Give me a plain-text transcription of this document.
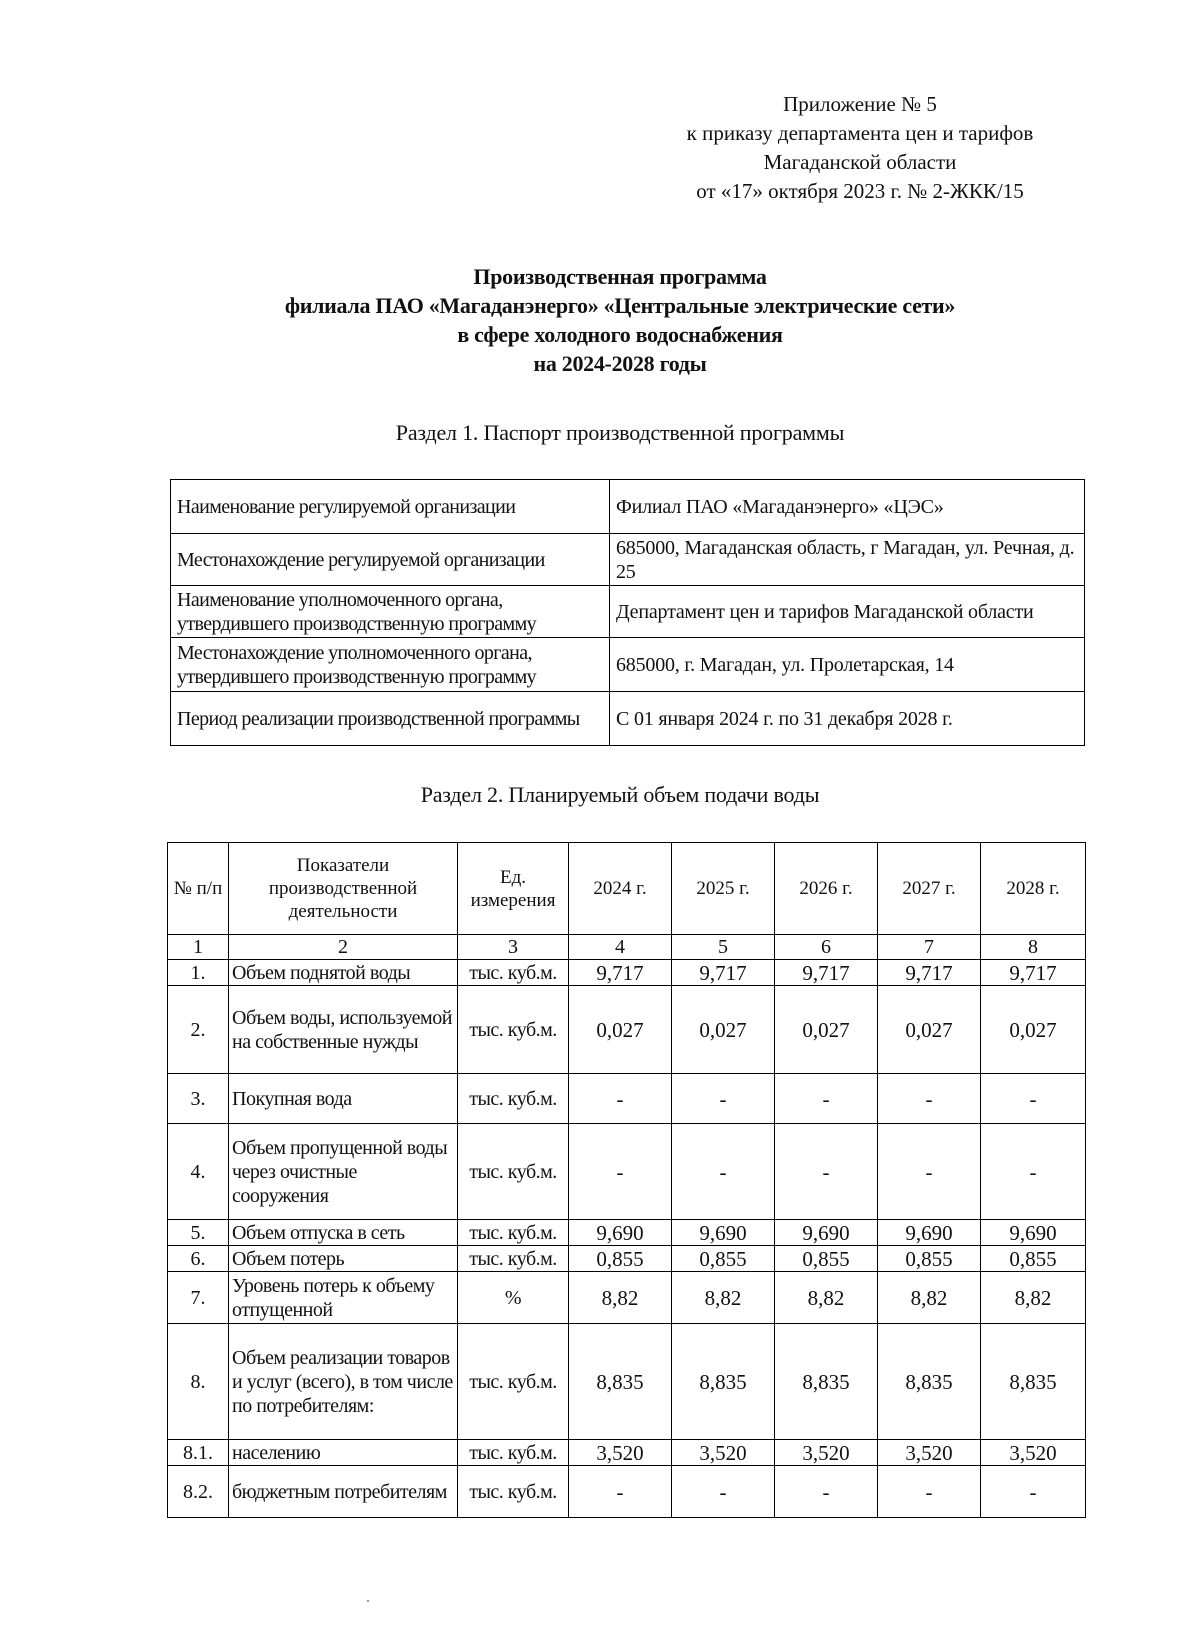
Приложение № 5
к приказу департамента цен и тарифов
Магаданской области
от «17» октября 2023 г. № 2-ЖКК/15
Производственная программа
филиала ПАО «Магаданэнерго» «Центральные электрические сети»
в сфере холодного водоснабжения
на 2024-2028 годы
Раздел 1. Паспорт производственной программы
Наименование регулируемой организации	Филиал ПАО «Магаданэнерго» «ЦЭС»
Местонахождение регулируемой организации	685000, Магаданская область, г Магадан, ул. Речная, д. 25
Наименование уполномоченного органа, утвердившего производственную программу	Департамент цен и тарифов Магаданской области
Местонахождение уполномоченного органа, утвердившего производственную программу	685000, г. Магадан, ул. Пролетарская, 14
Период реализации производственной программы	С 01 января 2024 г. по 31 декабря 2028 г.
Раздел 2. Планируемый объем подачи воды
№ п/п	Показатели производственной деятельности	Ед. измерения	2024 г.	2025 г.	2026 г.	2027 г.	2028 г.
1	2	3	4	5	6	7	8
1.	Объем поднятой воды	тыс. куб.м.	9,717	9,717	9,717	9,717	9,717
2.	Объем воды, используемой на собственные нужды	тыс. куб.м.	0,027	0,027	0,027	0,027	0,027
3.	Покупная вода	тыс. куб.м.	-	-	-	-	-
4.	Объем пропущенной воды через очистные сооружения	тыс. куб.м.	-	-	-	-	-
5.	Объем отпуска в сеть	тыс. куб.м.	9,690	9,690	9,690	9,690	9,690
6.	Объем потерь	тыс. куб.м.	0,855	0,855	0,855	0,855	0,855
7.	Уровень потерь к объему отпущенной	%	8,82	8,82	8,82	8,82	8,82
8.	Объем реализации товаров и услуг (всего), в том числе по потребителям:	тыс. куб.м.	8,835	8,835	8,835	8,835	8,835
8.1.	населению	тыс. куб.м.	3,520	3,520	3,520	3,520	3,520
8.2.	бюджетным потребителям	тыс. куб.м.	-	-	-	-	-
